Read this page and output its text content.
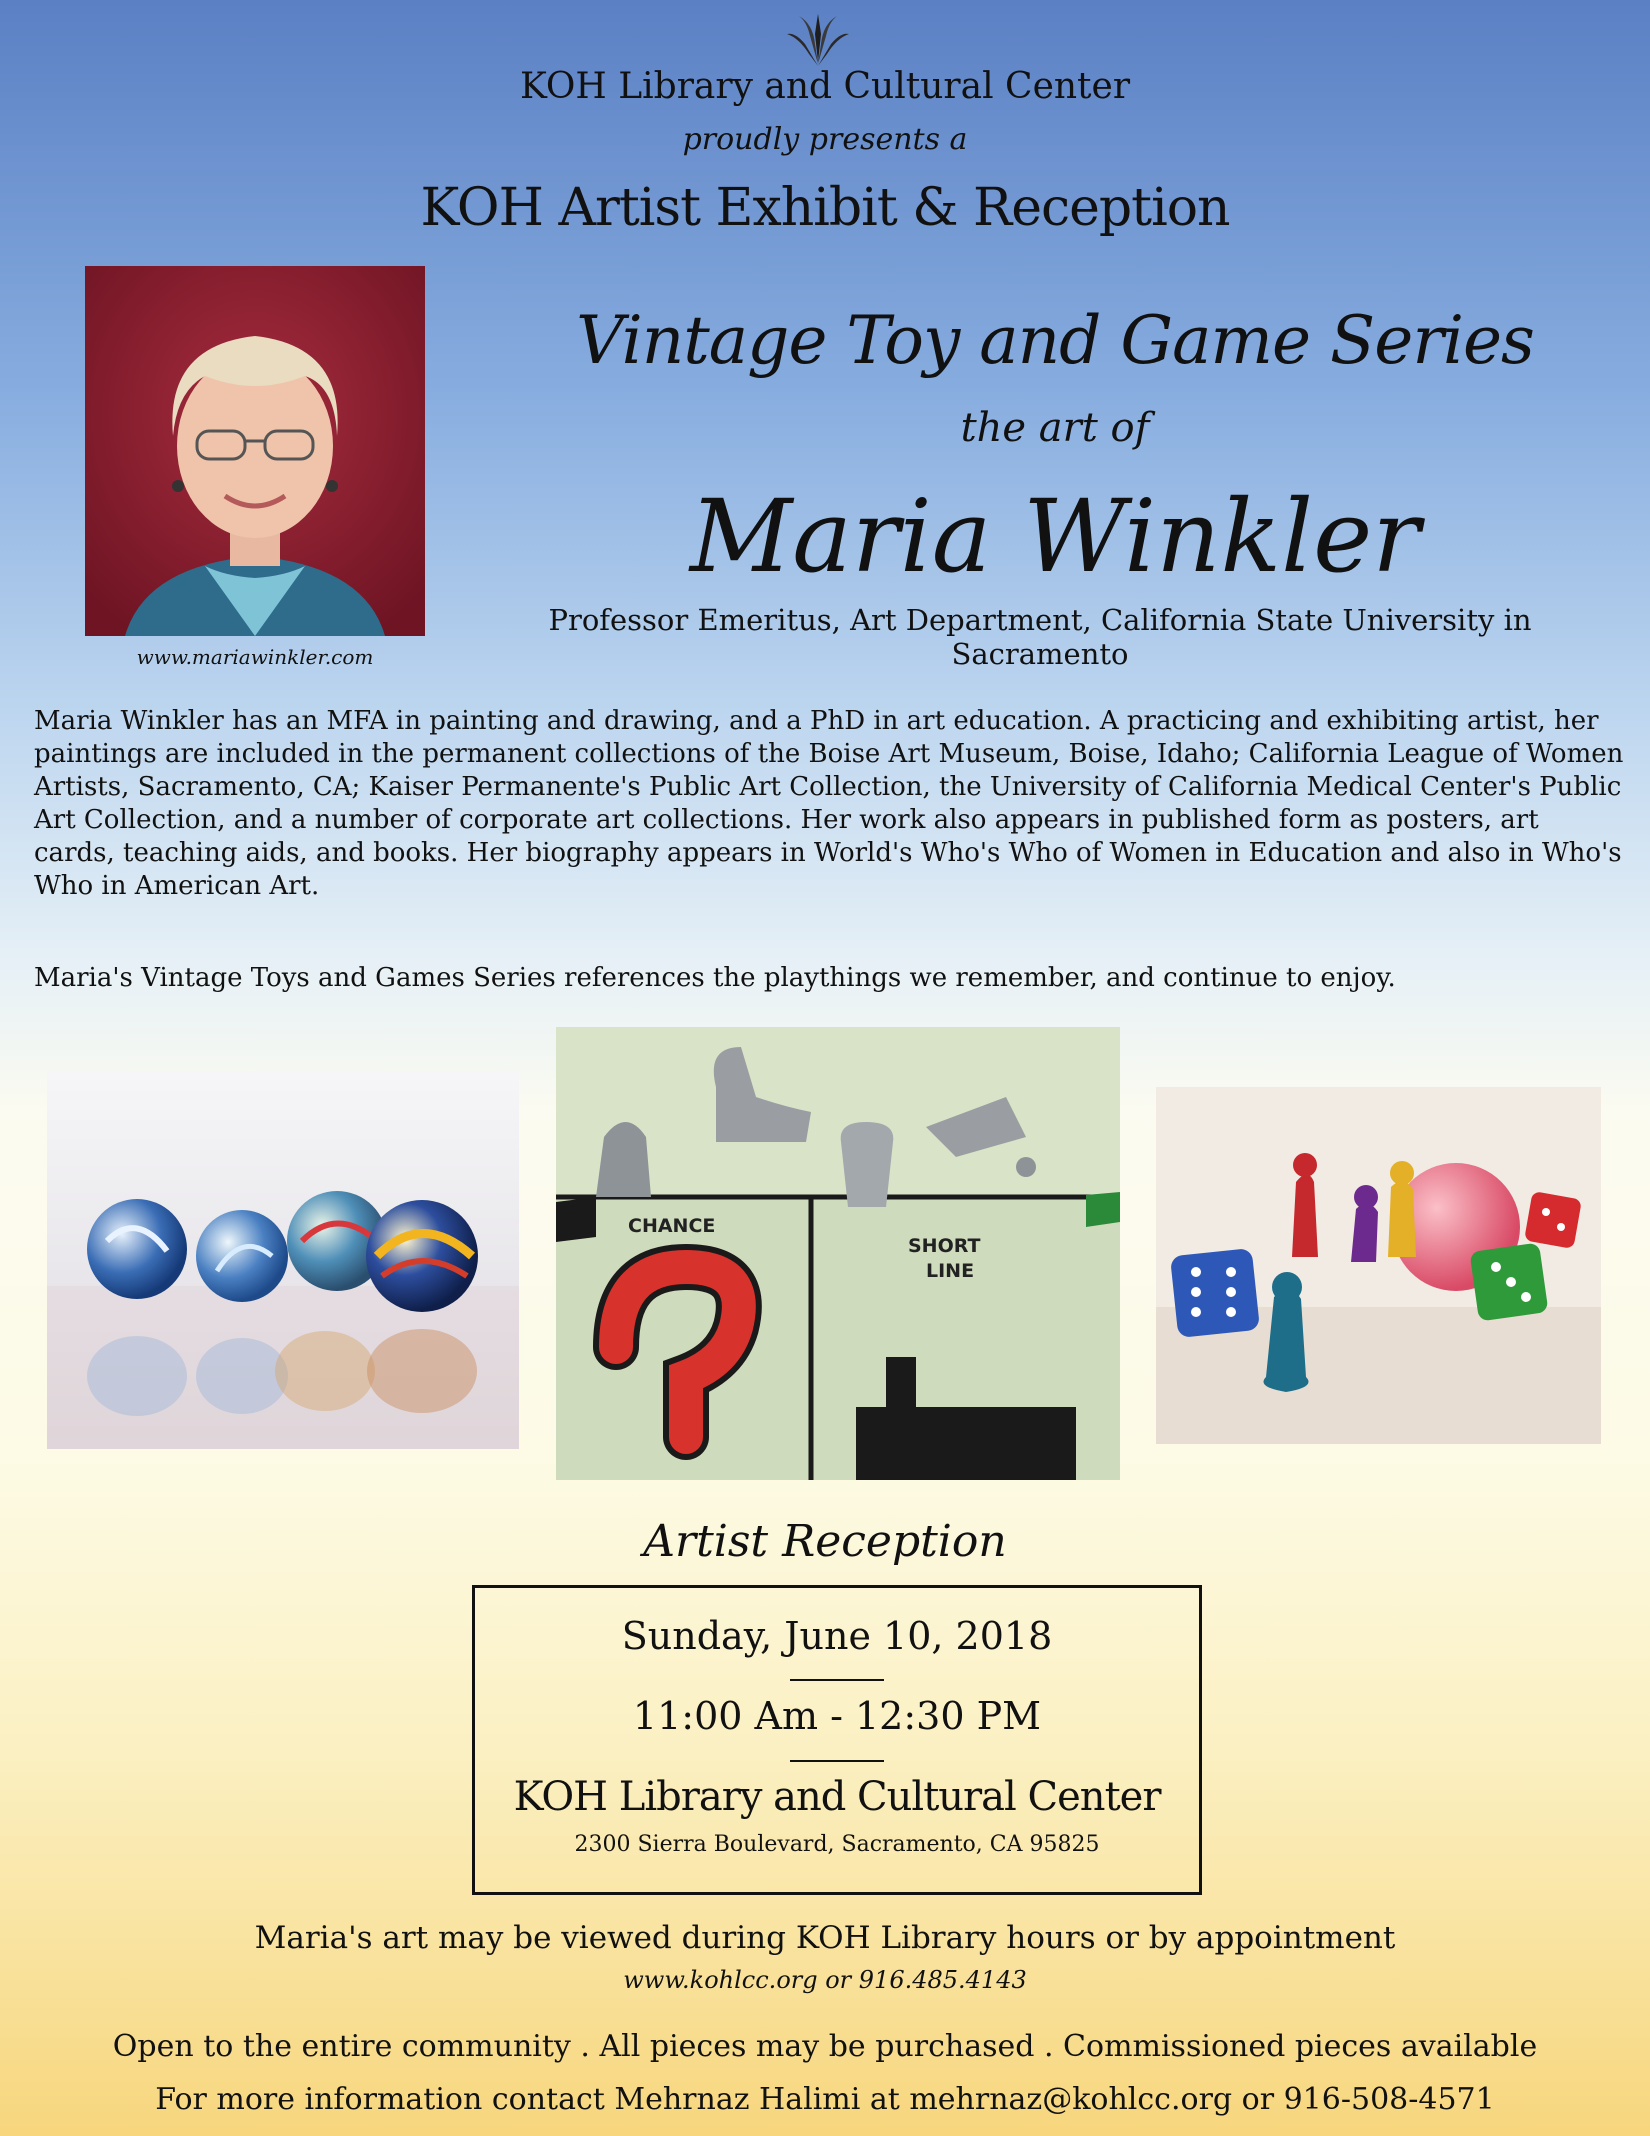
KOH Library and Cultural Center
proudly presents a
KOH Artist Exhibit & Reception
www.mariawinkler.com
Vintage Toy and Game Series
the art of
Maria Winkler
Professor Emeritus, Art Department, California State University in Sacramento
Maria Winkler has an MFA in painting and drawing, and a PhD in art education. A practicing and exhibiting artist, her paintings are included in the permanent collections of the Boise Art Museum, Boise, Idaho; California League of Women Artists, Sacramento, CA; Kaiser Permanente's Public Art Collection, the University of California Medical Center's Public Art Collection, and a number of corporate art collections. Her work also appears in published form as posters, art cards, teaching aids, and books. Her biography appears in World's Who's Who of Women in Education and also in Who's Who in American Art.
Maria's Vintage Toys and Games Series references the playthings we remember, and continue to enjoy.
CHANCE
SHORT
LINE
Artist Reception
Sunday, June 10, 2018
11:00 Am - 12:30 PM
KOH Library and Cultural Center
2300 Sierra Boulevard, Sacramento, CA 95825
Maria's art may be viewed during KOH Library hours or by appointment
www.kohlcc.org or 916.485.4143
Open to the entire community . All pieces may be purchased . Commissioned pieces available
For more information contact Mehrnaz Halimi at mehrnaz@kohlcc.org or 916-508-4571
